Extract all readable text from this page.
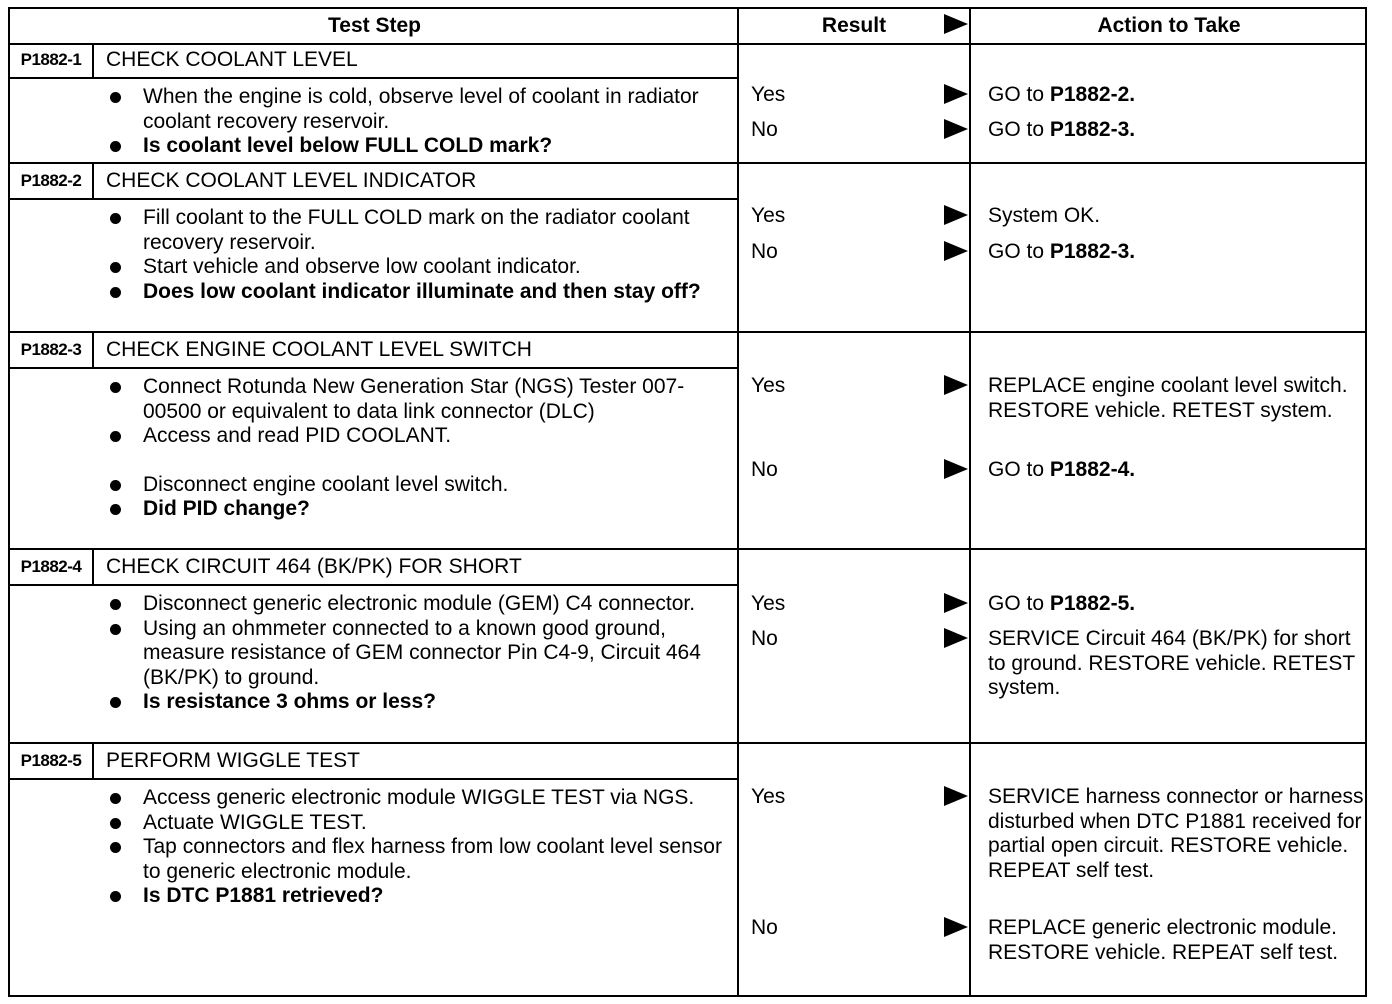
Test Step	Result	Action to Take
P1882-1	CHECK COOLANT LEVEL
When the engine is cold, observe level of coolant in radiator coolant recovery reservoir.
Is coolant level below FULL COLD mark?
Yes	GO to P1882-2.
No	GO to P1882-3.
P1882-2	CHECK COOLANT LEVEL INDICATOR
Fill coolant to the FULL COLD mark on the radiator coolant recovery reservoir.
Start vehicle and observe low coolant indicator.
Does low coolant indicator illuminate and then stay off?
Yes	System OK.
No	GO to P1882-3.
P1882-3	CHECK ENGINE COOLANT LEVEL SWITCH
Connect Rotunda New Generation Star (NGS) Tester 007-00500 or equivalent to data link connector (DLC)
Access and read PID COOLANT.
Disconnect engine coolant level switch.
Did PID change?
Yes	REPLACE engine coolant level switch. RESTORE vehicle. RETEST system.
No	GO to P1882-4.
P1882-4	CHECK CIRCUIT 464 (BK/PK) FOR SHORT
Disconnect generic electronic module (GEM) C4 connector.
Using an ohmmeter connected to a known good ground, measure resistance of GEM connector Pin C4-9, Circuit 464 (BK/PK) to ground.
Is resistance 3 ohms or less?
Yes	GO to P1882-5.
No	SERVICE Circuit 464 (BK/PK) for short to ground. RESTORE vehicle. RETEST system.
P1882-5	PERFORM WIGGLE TEST
Access generic electronic module WIGGLE TEST via NGS.
Actuate WIGGLE TEST.
Tap connectors and flex harness from low coolant level sensor to generic electronic module.
Is DTC P1881 retrieved?
Yes	SERVICE harness connector or harness disturbed when DTC P1881 received for partial open circuit. RESTORE vehicle. REPEAT self test.
No	REPLACE generic electronic module. RESTORE vehicle. REPEAT self test.
